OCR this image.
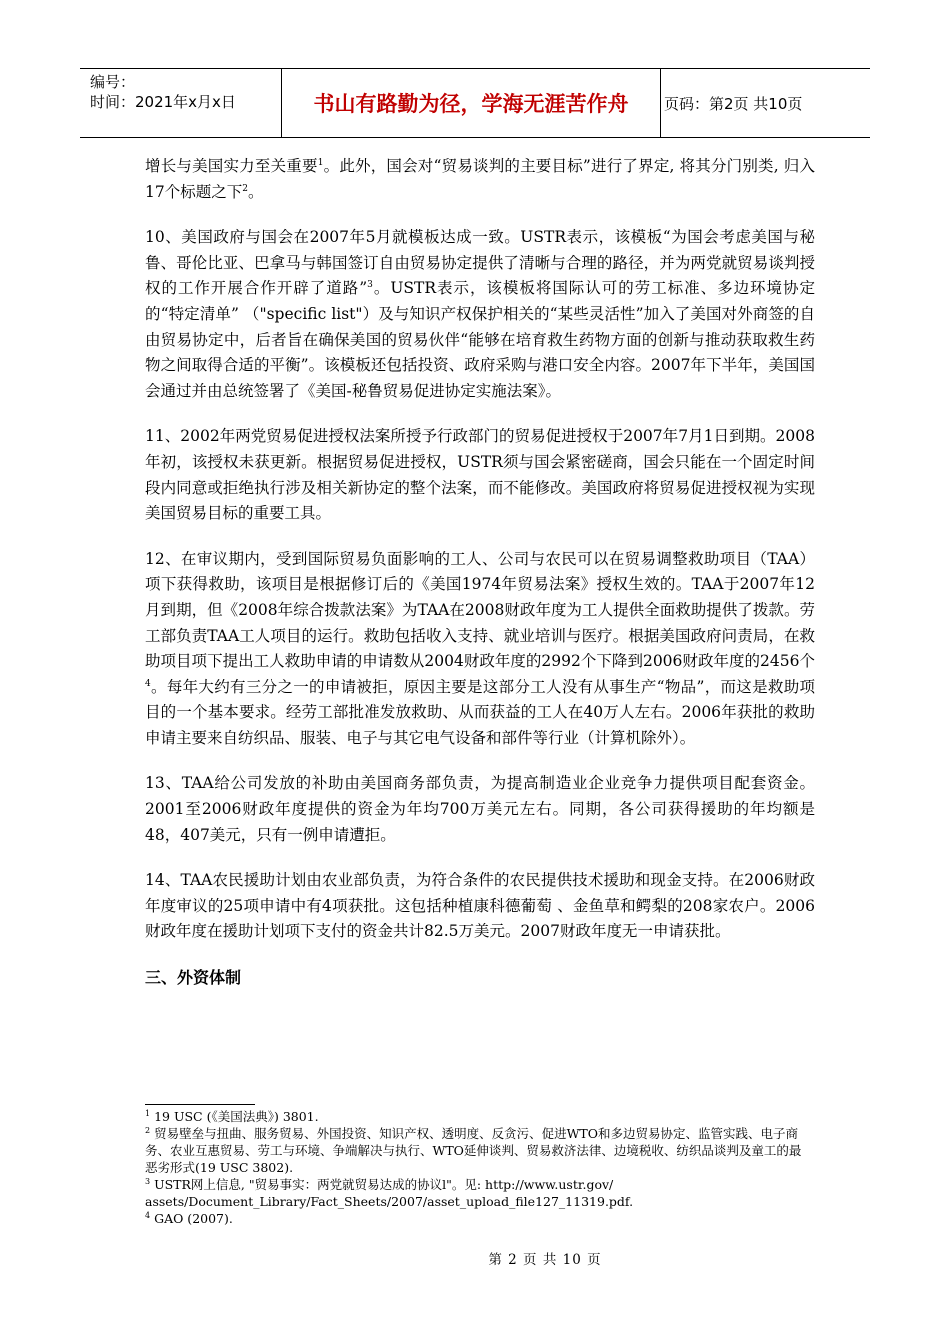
编号：
时间：2021年x月x日	书山有路勤为径，学海无涯苦作舟	页码：第2页 共10页

增长与美国实力至关重要$^1$。此外，国会对“贸易谈判的主要目标”进行了界定, 将其分门别类, 归入17个标题之下$^2$。

10、美国政府与国会在2007年5月就模板达成一致。USTR表示，该模板“为国会考虑美国与秘鲁、哥伦比亚、巴拿马与韩国签订自由贸易协定提供了清晰与合理的路径，并为两党就贸易谈判授权的工作开展合作开辟了道路”$^3$。USTR表示，该模板将国际认可的劳工标准、多边环境协定的“特定清单” （"specific list"）及与知识产权保护相关的“某些灵活性”加入了美国对外商签的自由贸易协定中，后者旨在确保美国的贸易伙伴“能够在培育救生药物方面的创新与推动获取救生药物之间取得合适的平衡”。该模板还包括投资、政府采购与港口安全内容。2007年下半年，美国国会通过并由总统签署了《美国-秘鲁贸易促进协定实施法案》。

11、2002年两党贸易促进授权法案所授予行政部门的贸易促进授权于2007年7月1日到期。2008年初，该授权未获更新。根据贸易促进授权，USTR须与国会紧密磋商，国会只能在一个固定时间段内同意或拒绝执行涉及相关新协定的整个法案，而不能修改。美国政府将贸易促进授权视为实现美国贸易目标的重要工具。

12、在审议期内，受到国际贸易负面影响的工人、公司与农民可以在贸易调整救助项目（TAA）项下获得救助，该项目是根据修订后的《美国1974年贸易法案》授权生效的。TAA于2007年12月到期，但《2008年综合拨款法案》为TAA在2008财政年度为工人提供全面救助提供了拨款。劳工部负责TAA工人项目的运行。救助包括收入支持、就业培训与医疗。根据美国政府问责局，在救助项目项下提出工人救助申请的申请数从2004财政年度的2992个下降到2006财政年度的2456个$^4$。每年大约有三分之一的申请被拒，原因主要是这部分工人没有从事生产“物品”，而这是救助项目的一个基本要求。经劳工部批准发放救助、从而获益的工人在40万人左右。2006年获批的救助申请主要来自纺织品、服装、电子与其它电气设备和部件等行业（计算机除外）。

13、TAA给公司发放的补助由美国商务部负责，为提高制造业企业竞争力提供项目配套资金。2001至2006财政年度提供的资金为年均700万美元左右。同期，各公司获得援助的年均额是48，407美元，只有一例申请遭拒。

14、TAA农民援助计划由农业部负责，为符合条件的农民提供技术援助和现金支持。在2006财政年度审议的25项申请中有4项获批。这包括种植康科德葡萄 、金鱼草和鳄梨的208家农户。2006财政年度在援助计划项下支付的资金共计82.5万美元。2007财政年度无一申请获批。

三、外资体制
$^1$ 19 USC (《美国法典》) 3801.
$^2$ 贸易壁垒与扭曲、服务贸易、外国投资、知识产权、透明度、反贪污、促进WTO和多边贸易协定、监管实践、电子商务、农业互惠贸易、劳工与环境、争端解决与执行、WTO延伸谈判、贸易救济法律、边境税收、纺织品谈判及童工的最恶劣形式(19 USC 3802).
$^3$ USTR网上信息, "贸易事实：两党就贸易达成的协议l"。见: http://www.ustr.gov/ assets/Document_Library/Fact_Sheets/2007/asset_upload_file127_11319.pdf.
$^4$ GAO (2007).
第 2 页 共 10 页
